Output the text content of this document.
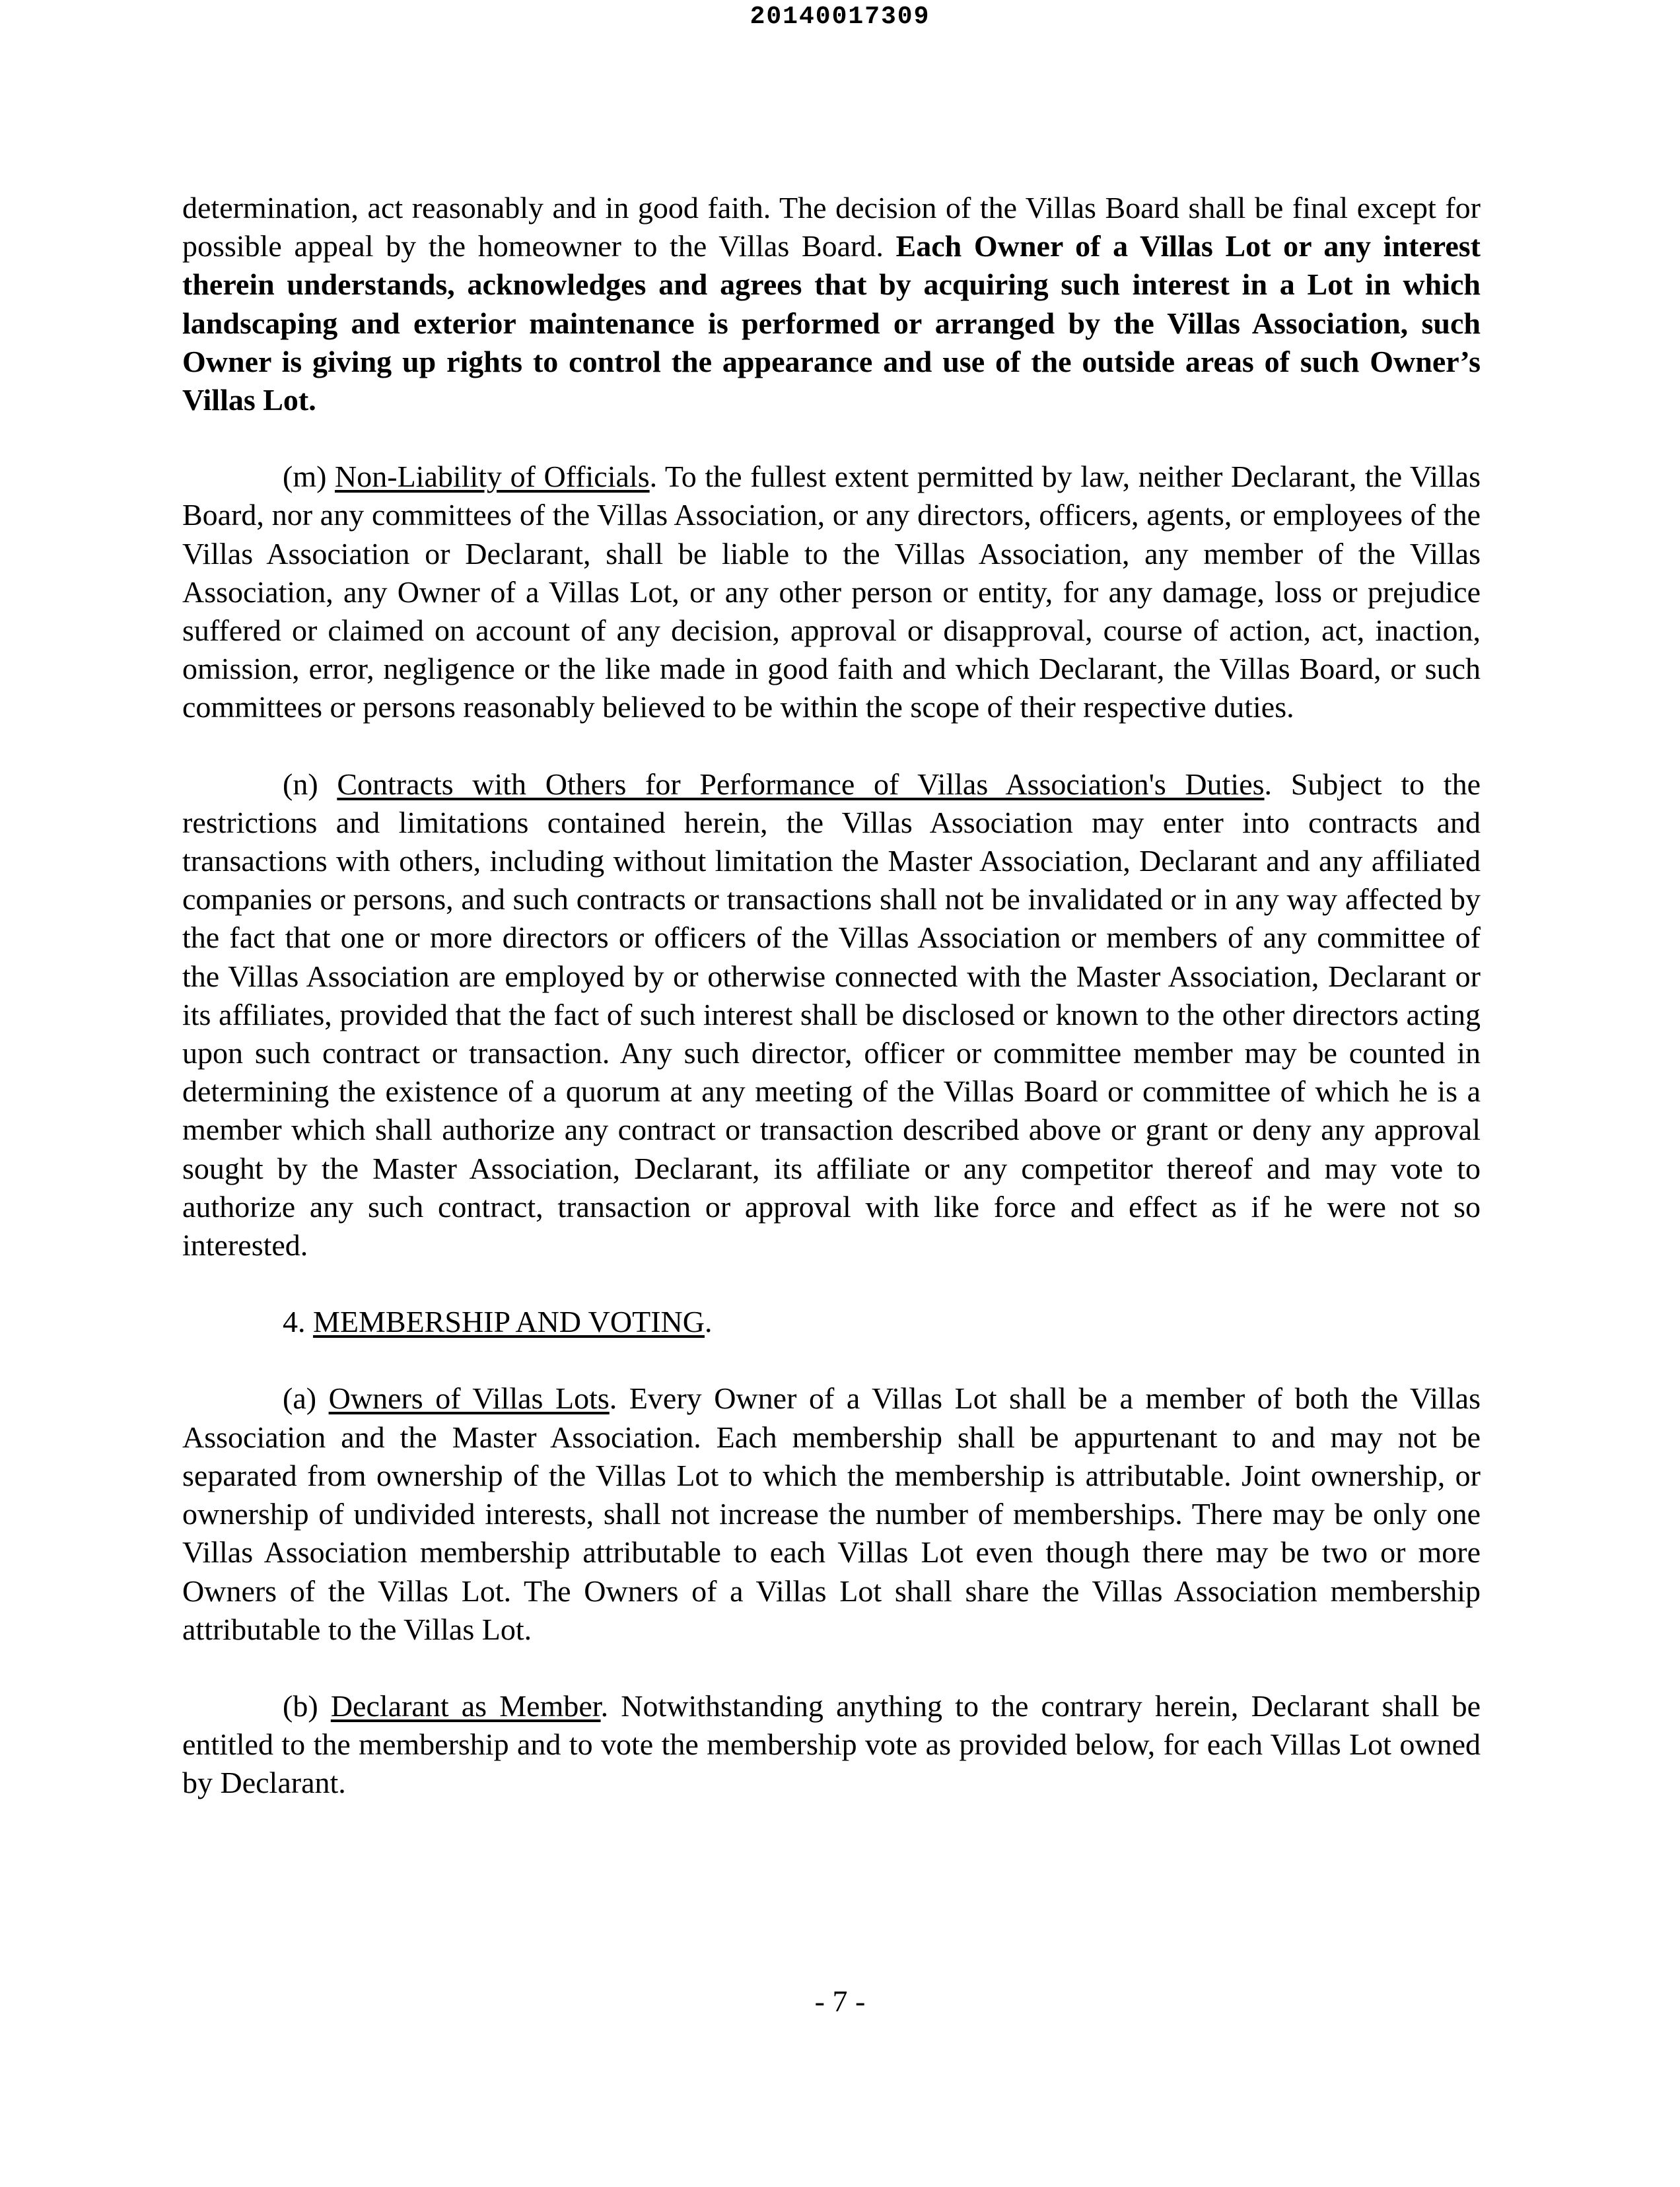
20140017309

determination, act reasonably and in good faith. The decision of the Villas Board shall be final except for possible appeal by the homeowner to the Villas Board. Each Owner of a Villas Lot or any interest therein understands, acknowledges and agrees that by acquiring such interest in a Lot in which landscaping and exterior maintenance is performed or arranged by the Villas Association, such Owner is giving up rights to control the appearance and use of the outside areas of such Owner’s Villas Lot.

(m) Non-Liability of Officials. To the fullest extent permitted by law, neither Declarant, the Villas Board, nor any committees of the Villas Association, or any directors, officers, agents, or employees of the Villas Association or Declarant, shall be liable to the Villas Association, any member of the Villas Association, any Owner of a Villas Lot, or any other person or entity, for any damage, loss or prejudice suffered or claimed on account of any decision, approval or disapproval, course of action, act, inaction, omission, error, negligence or the like made in good faith and which Declarant, the Villas Board, or such committees or persons reasonably believed to be within the scope of their respective duties.

(n) Contracts with Others for Performance of Villas Association's Duties. Subject to the restrictions and limitations contained herein, the Villas Association may enter into contracts and transactions with others, including without limitation the Master Association, Declarant and any affiliated companies or persons, and such contracts or transactions shall not be invalidated or in any way affected by the fact that one or more directors or officers of the Villas Association or members of any committee of the Villas Association are employed by or otherwise connected with the Master Association, Declarant or its affiliates, provided that the fact of such interest shall be disclosed or known to the other directors acting upon such contract or transaction. Any such director, officer or committee member may be counted in determining the existence of a quorum at any meeting of the Villas Board or committee of which he is a member which shall authorize any contract or transaction described above or grant or deny any approval sought by the Master Association, Declarant, its affiliate or any competitor thereof and may vote to authorize any such contract, transaction or approval with like force and effect as if he were not so interested.

4. MEMBERSHIP AND VOTING.

(a) Owners of Villas Lots. Every Owner of a Villas Lot shall be a member of both the Villas Association and the Master Association. Each membership shall be appurtenant to and may not be separated from ownership of the Villas Lot to which the membership is attributable. Joint ownership, or ownership of undivided interests, shall not increase the number of memberships. There may be only one Villas Association membership attributable to each Villas Lot even though there may be two or more Owners of the Villas Lot. The Owners of a Villas Lot shall share the Villas Association membership attributable to the Villas Lot.

(b) Declarant as Member. Notwithstanding anything to the contrary herein, Declarant shall be entitled to the membership and to vote the membership vote as provided below, for each Villas Lot owned by Declarant.

- 7 -
